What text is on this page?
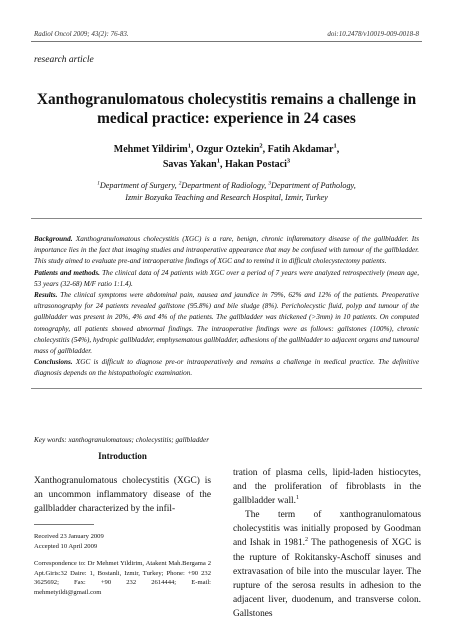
Radiol Oncol 2009; 43(2): 76-83.	doi:10.2478/v10019-009-0018-8
research article
Xanthogranulomatous cholecystitis remains a challenge in medical practice: experience in 24 cases
Mehmet Yildirim$^1$, Ozgur Oztekin$^2$, Fatih Akdamar$^1$,
Savas Yakan$^1$, Hakan Postaci$^3$
$^1$Department of Surgery, $^2$Department of Radiology, $^3$Department of Pathology,
Izmir Bozyaka Teaching and Research Hospital, Izmir, Turkey

Background. Xanthogranulomatous cholecystitis (XGC) is a rare, benign, chronic inflammatory disease of the gallbladder. Its importance lies in the fact that imaging studies and intraoperative appearance that may be confused with tumour of the gallbladder. This study aimed to evaluate pre-and intraoperative findings of XGC and to remind it in difficult cholecystectomy patients.

Patients and methods. The clinical data of 24 patients with XGC over a period of 7 years were analyzed retrospectively (mean age, 53 years (32-68) M/F ratio 1:1.4).

Results. The clinical symptoms were abdominal pain, nausea and jaundice in 79%, 62% and 12% of the patients. Preoperative ultrasonography for 24 patients revealed gallstone (95.8%) and bile sludge (8%). Pericholecystic fluid, polyp and tumour of the gallbladder was present in 20%, 4% and 4% of the patients. The gallbladder was thickened (>3mm) in 10 patients. On computed tomography, all patients showed abnormal findings. The intraoperative findings were as follows: gallstones (100%), chronic cholecystitis (54%), hydropic gallbladder, emphysematous gallbladder, adhesions of the gallbladder to adjacent organs and tumoural mass of gallbladder.

Conclusions. XGC is difficult to diagnose pre-or intraoperatively and remains a challenge in medical practice. The definitive diagnosis depends on the histopathologic examination.

Key words: xanthogranulomatous; cholecystitis; gallbladder
Introduction

Xanthogranulomatous cholecystitis (XGC) is an uncommon inflammatory disease of the gallbladder characterized by the infil-

Received 23 January 2009
Accepted 10 April 2009

Correspondence to: Dr Mehmet Yildirim, Atakent Mah.Bergama 2 Apt.Giris:32 Daire: 1, Bostanli, Izmir, Turkey; Phone: +90 232 3625692; Fax: +90 232 2614444; E-mail: mehmetyildi@gmail.com

tration of plasma cells, lipid-laden histiocytes, and the proliferation of fibroblasts in the gallbladder wall.$^1$

The term of xanthogranulomatous cholecystitis was initially proposed by Goodman and Ishak in 1981.$^2$ The pathogenesis of XGC is the rupture of Rokitansky-Aschoff sinuses and extravasation of bile into the muscular layer. The rupture of the serosa results in adhesion to the adjacent liver, duodenum, and transverse colon. Gallstones
